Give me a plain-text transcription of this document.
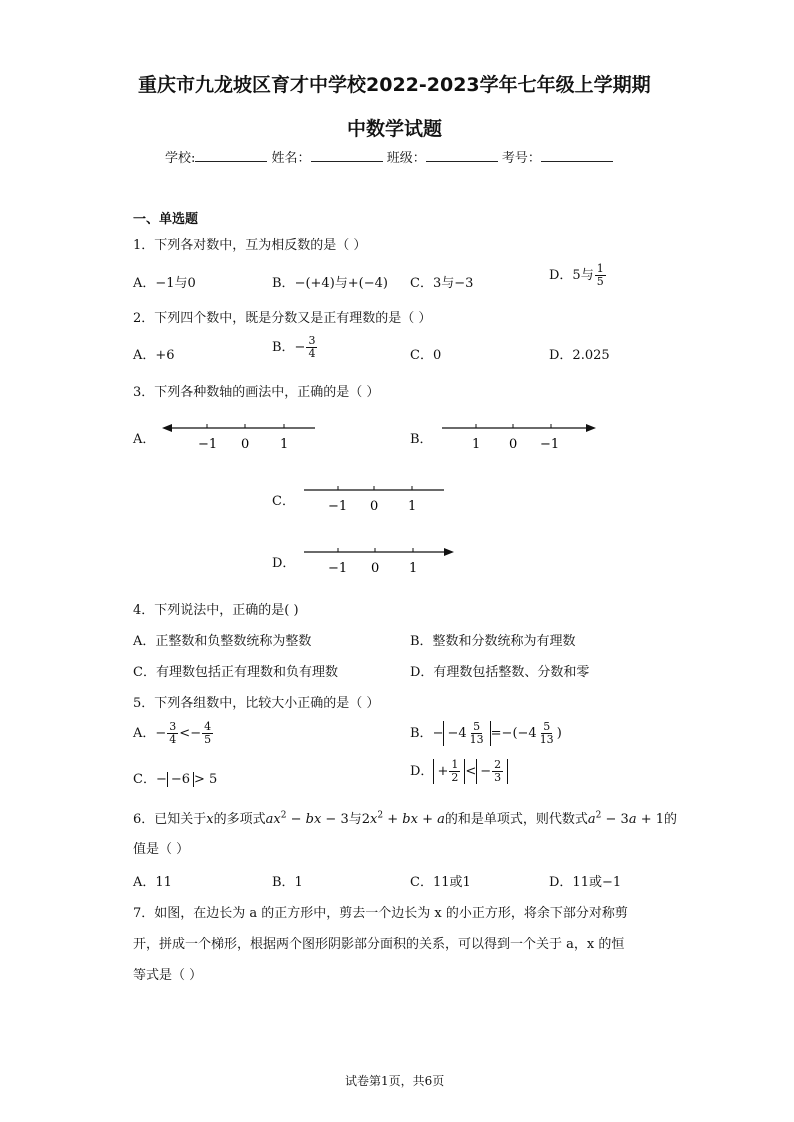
重庆市九龙坡区育才中学校2022-2023学年七年级上学期期
中数学试题
学校:	姓名：	班级：	考号：
一、单选题
1．下列各对数中，互为相反数的是（ ）
A．−1与0	B．−(+4)与+(−4) C．3与−3
D．5与 $\frac{1}{5}$
2．下列四个数中，既是分数又是正有理数的是（ ）
A．+6
B．− $\frac{3}{4}$	C．0	D．2.025
3．下列各种数轴的画法中，正确的是（ ）
A．	−1 0 1	B．	1 0 −1
C．	−1 0 1
D．	−1 0 1
4．下列说法中，正确的是( )
A．正整数和负整数统称为整数	B．整数和分数统称为有理数
C．有理数包括正有理数和负有理数	D．有理数包括整数、分数和零
5．下列各组数中，比较大小正确的是（ ）
A．− $\frac{3}{4} <- \frac{4}{5}$	B．− $-4 \frac{5}{13} =-(-4 \frac{5}{13}$ )
C．− −6 > 5
D． + $\frac{1}{2}$ < − $\frac{2}{3}$
6．已知关于x的多项式$ax^2$ − bx − 3与$2x^2$ + bx + a的和是单项式，则代数式$a^2 - 3a + 1$的
值是（ ）
A．11	B．1	C．11或1	D．11或−1
7．如图，在边长为 a 的正方形中，剪去一个边长为 x 的小正方形，将余下部分对称剪
开，拼成一个梯形，根据两个图形阴影部分面积的关系，可以得到一个关于 a，x 的恒
等式是（ ）
试卷第1页，共6页
